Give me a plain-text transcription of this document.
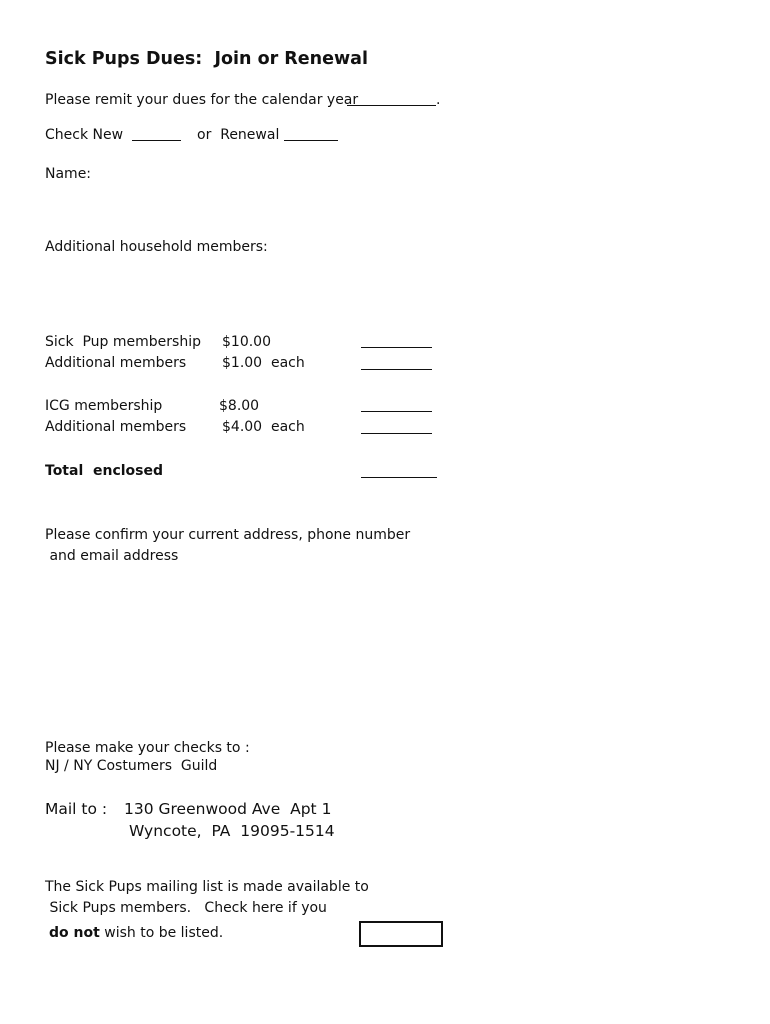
Sick Pups Dues:  Join or Renewal
Please remit your dues for the calendar year	.
Check New	or  Renewal
Name:
Additional household members:
Sick  Pup membership $10.00
Additional members	$1.00  each
ICG membership	$8.00
Additional members	$4.00  each
Total  enclosed
Please confirm your current address, phone number
and email address
Please make your checks to :
NJ / NY Costumers  Guild
Mail to : 130 Greenwood Ave  Apt 1
Wyncote,  PA  19095-1514
The Sick Pups mailing list is made available to
Sick Pups members.   Check here if you
do not wish to be listed.
